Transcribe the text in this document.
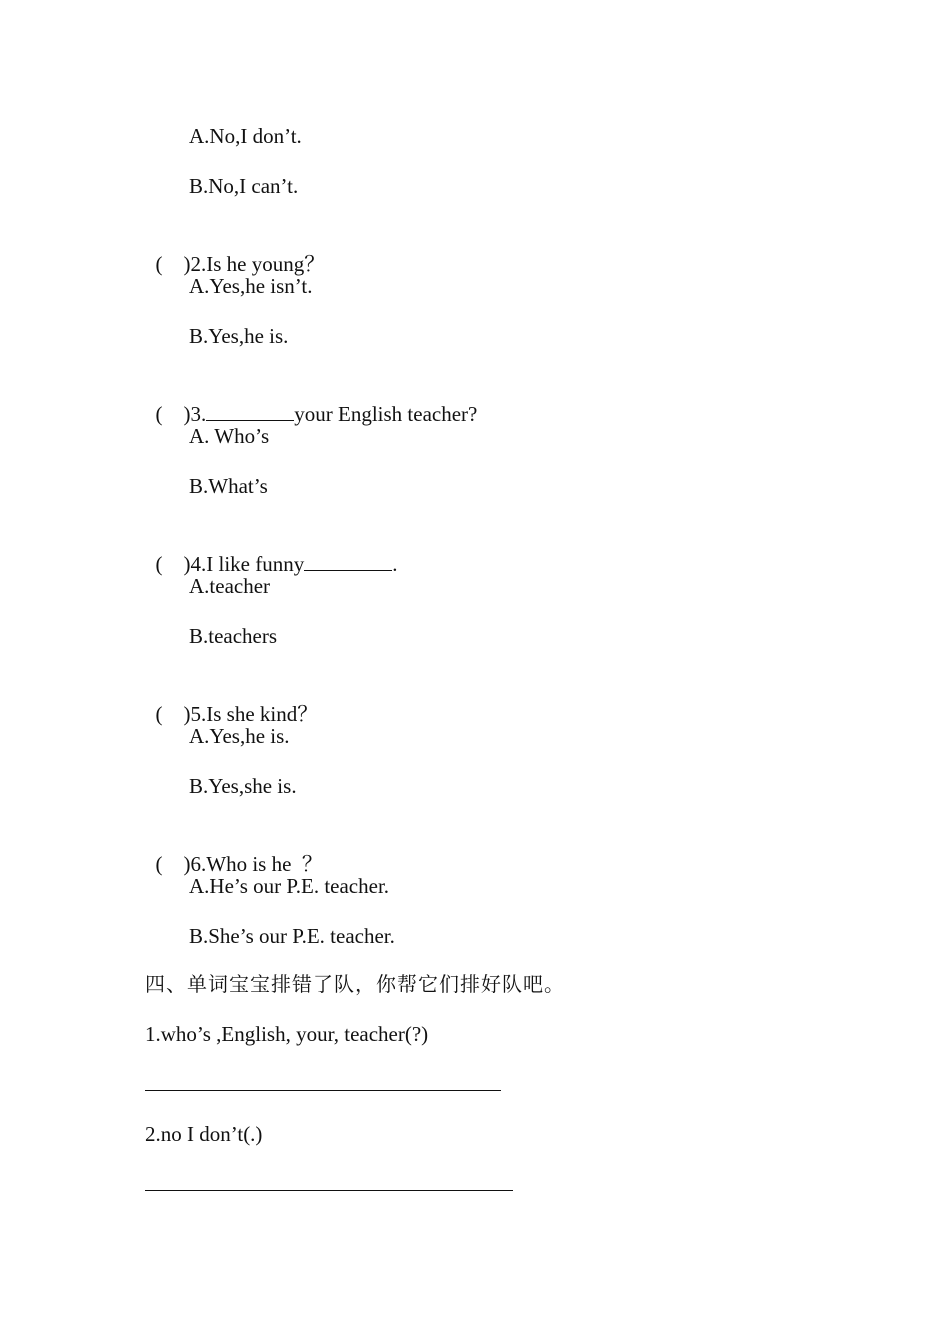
A.No,I don’t.
B.No,I can’t.

( )2.Is he young？

A.Yes,he isn’t.
B.Yes,he is.

( )3.	your English teacher?

A. Who’s
B.What’s

( )4.I like funny	.

A.teacher
B.teachers

( )5.Is she kind？

A.Yes,he is.
B.Yes,she is.

( )6.Who is he  ？

A.He’s our P.E. teacher.
B.She’s our P.E. teacher.
四、单词宝宝排错了队，你帮它们排好队吧。
1.who’s ,English, your, teacher(?)
2.no I don’t(.)
